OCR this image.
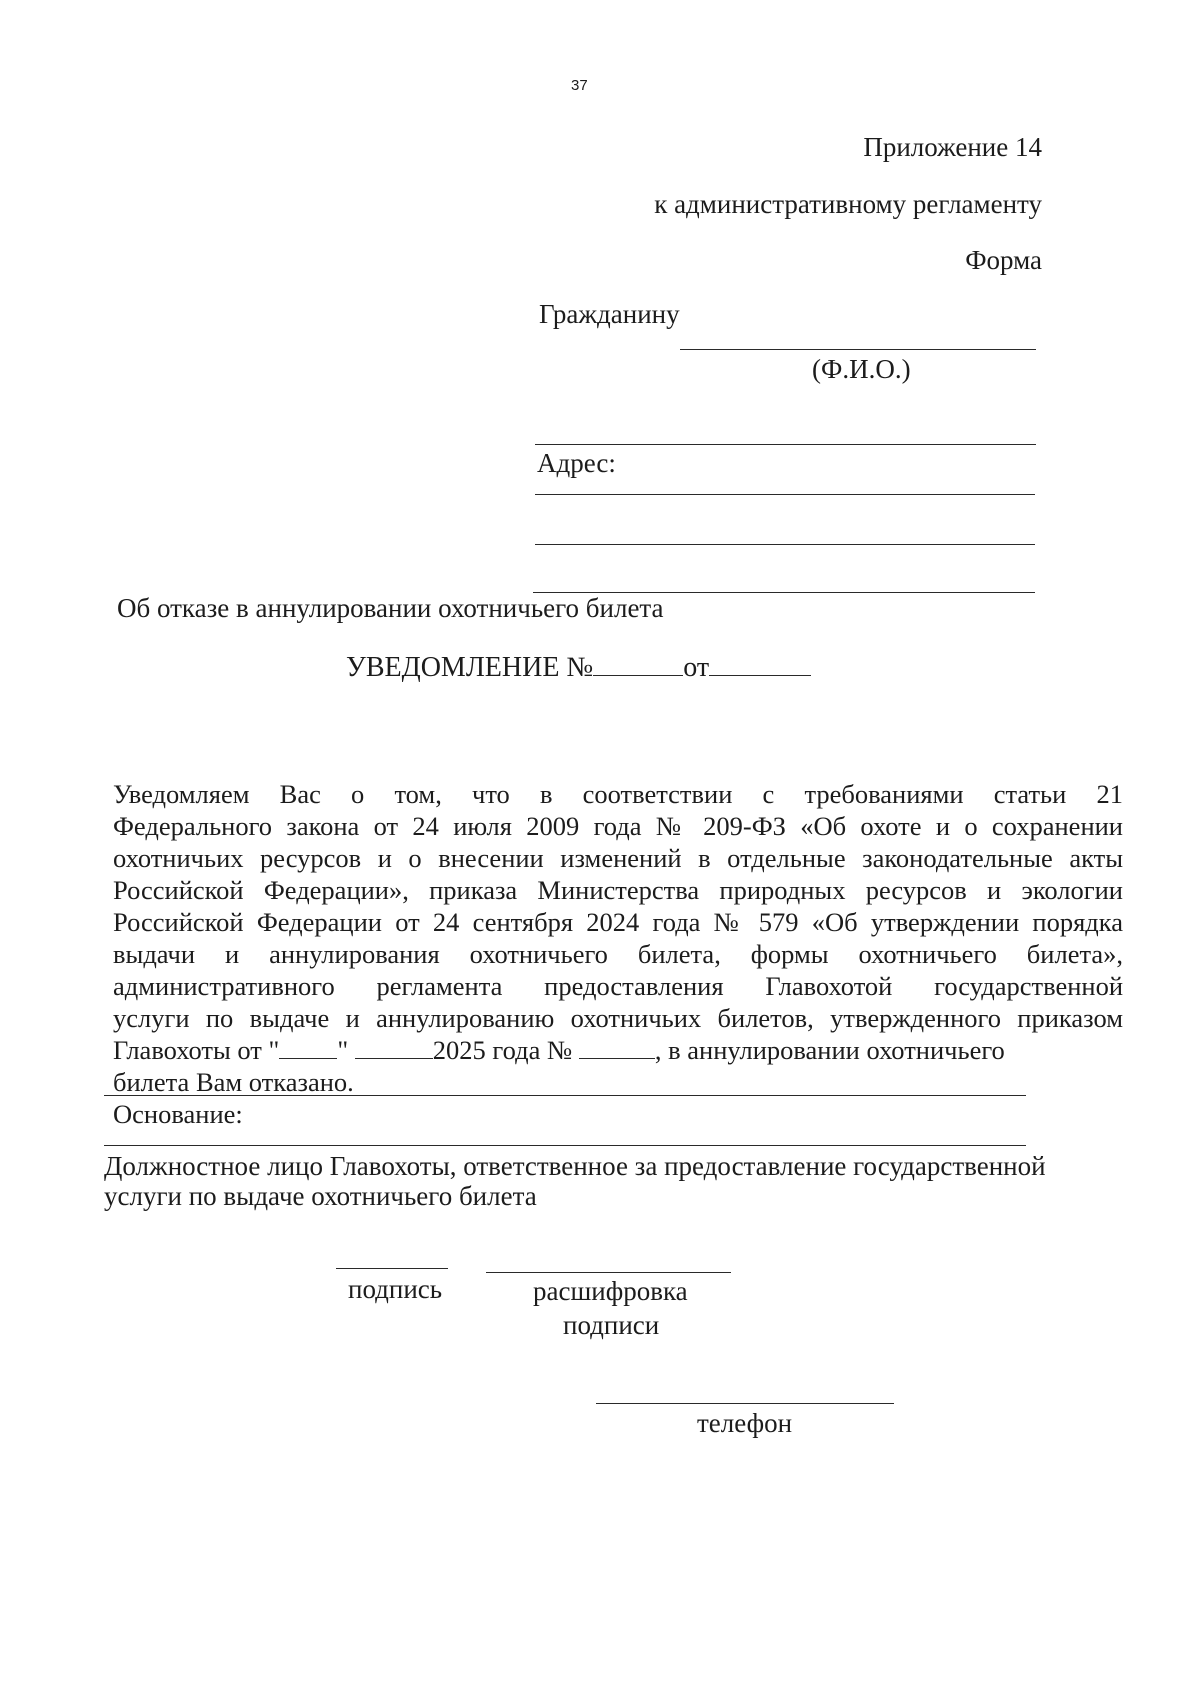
37
Приложение 14
к административному регламенту
Форма
Гражданину
(Ф.И.О.)
Адрес:
Об отказе в аннулировании охотничьего билета
УВЕДОМЛЕНИЕ №	от
Уведомляем Вас о том, что в соответствии с требованиями статьи 21
Федерального закона от 24 июля 2009 года № 209-ФЗ «Об охоте и о сохранении
охотничьих ресурсов и о внесении изменений в отдельные законодательные акты
Российской Федерации», приказа Министерства природных ресурсов и экологии
Российской Федерации от 24 сентября 2024 года № 579 «Об утверждении порядка
выдачи и аннулирования охотничьего билета, формы охотничьего билета»,
административного регламента предоставления Главохотой государственной
услуги по выдаче и аннулированию охотничьих билетов, утвержденного приказом
Главохоты от " "	2025 года №	, в аннулировании охотничьего
билета Вам отказано.
Основание:
Должностное лицо Главохоты, ответственное за предоставление государственной
услуги по выдаче охотничьего билета
подпись	расшифровка
подписи
телефон
